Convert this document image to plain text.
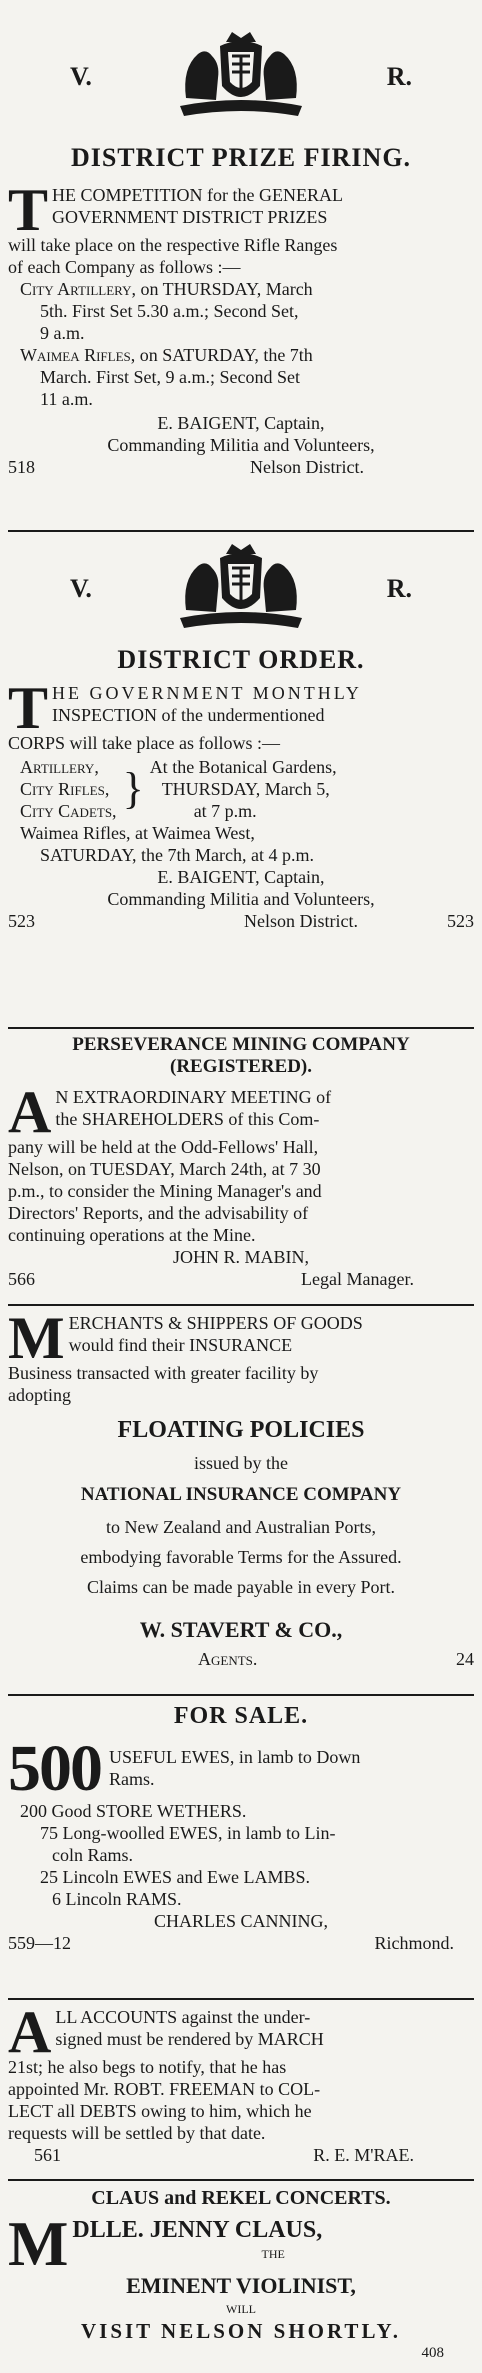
V.	R.
DISTRICT PRIZE FIRING.
T HE COMPETITION for the GENERAL
GOVERNMENT DISTRICT PRIZES
will take place on the respective Rifle Ranges
of each Company as follows :—
City Artillery, on THURSDAY, March
5th. First Set 5.30 a.m.; Second Set,
9 a.m.
Waimea Rifles, on SATURDAY, the 7th
March. First Set, 9 a.m.; Second Set
11 a.m.
E. BAIGENT, Captain,
Commanding Militia and Volunteers,
518	Nelson District.
V.	R.
DISTRICT ORDER.
T HE GOVERNMENT MONTHLY
INSPECTION of the undermentioned
CORPS will take place as follows :—
Artillery,
City Rifles,
City Cadets, } At the Botanical Gardens,
THURSDAY, March 5,
at 7 p.m.
Waimea Rifles, at Waimea West,
SATURDAY, the 7th March, at 4 p.m.
E. BAIGENT, Captain,
Commanding Militia and Volunteers,
523	Nelson District.	523
PERSEVERANCE MINING COMPANY
(REGISTERED).
A N EXTRAORDINARY MEETING of
the SHAREHOLDERS of this Com-
pany will be held at the Odd-Fellows' Hall,
Nelson, on TUESDAY, March 24th, at 7 30
p.m., to consider the Mining Manager's and
Directors' Reports, and the advisability of
continuing operations at the Mine.
JOHN R. MABIN,
566	Legal Manager.
M ERCHANTS & SHIPPERS OF GOODS
would find their INSURANCE
Business transacted with greater facility by
adopting
FLOATING POLICIES
issued by the
NATIONAL INSURANCE COMPANY
to New Zealand and Australian Ports,
embodying favorable Terms for the Assured.
Claims can be made payable in every Port.
W. STAVERT & CO.,
Agents.	24
FOR SALE.
500 USEFUL EWES, in lamb to Down
Rams.
200 Good STORE WETHERS.
75 Long-woolled EWES, in lamb to Lin-
coln Rams.
25 Lincoln EWES and Ewe LAMBS.
6 Lincoln RAMS.
CHARLES CANNING,
559—12	Richmond.
A LL ACCOUNTS against the under-
signed must be rendered by MARCH
21st; he also begs to notify, that he has
appointed Mr. ROBT. FREEMAN to COL-
LECT all DEBTS owing to him, which he
requests will be settled by that date.
561	R. E. M'RAE.
CLAUS and REKEL CONCERTS.
M DLLE. JENNY CLAUS,
THE
EMINENT VIOLINIST,
WILL
VISIT NELSON SHORTLY.
408
